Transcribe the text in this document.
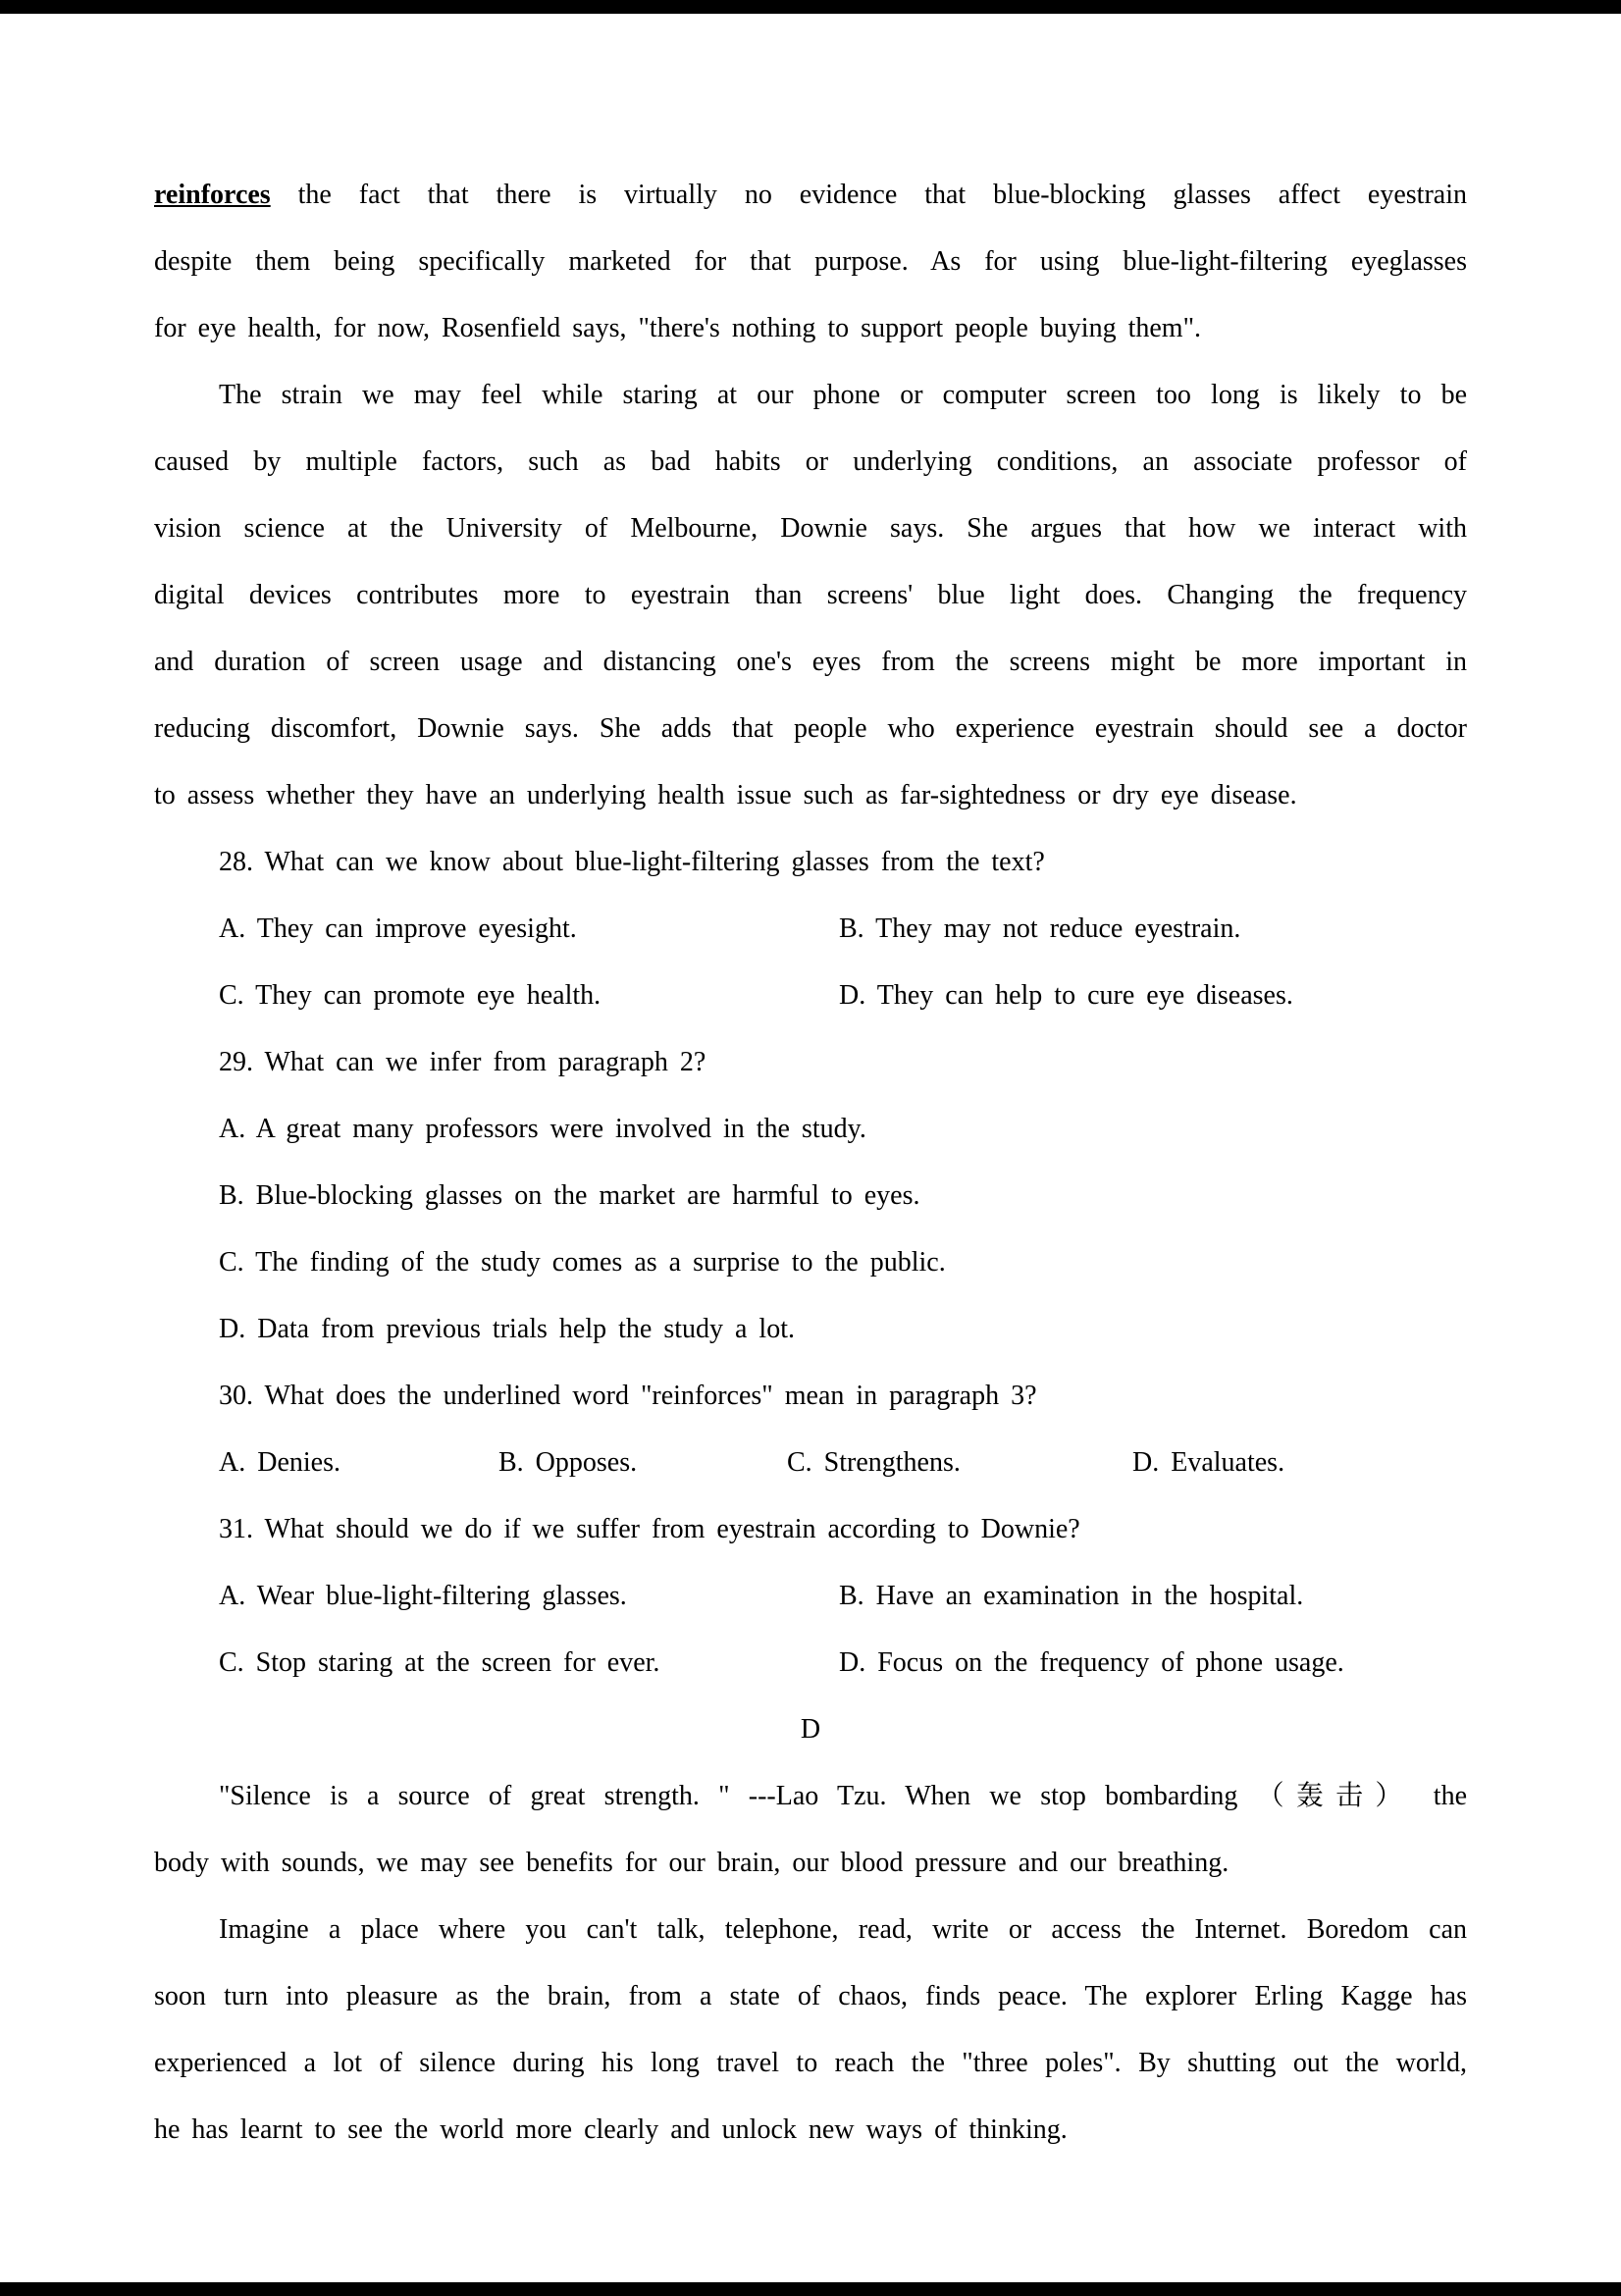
reinforces the fact that there is virtually no evidence that blue-blocking glasses affect eyestrain
despite them being specifically marketed for that purpose. As for using blue-light-filtering eyeglasses
for eye health, for now, Rosenfield says, "there's nothing to support people buying them".
The strain we may feel while staring at our phone or computer screen too long is likely to be
caused by multiple factors, such as bad habits or underlying conditions, an associate professor of
vision science at the University of Melbourne, Downie says. She argues that how we interact with
digital devices contributes more to eyestrain than screens' blue light does. Changing the frequency
and duration of screen usage and distancing one's eyes from the screens might be more important in
reducing discomfort, Downie says. She adds that people who experience eyestrain should see a doctor
to assess whether they have an underlying health issue such as far-sightedness or dry eye disease.
28. What can we know about blue-light-filtering glasses from the text?
A. They can improve eyesight.	B. They may not reduce eyestrain.
C. They can promote eye health.	D. They can help to cure eye diseases.
29. What can we infer from paragraph 2?
A. A great many professors were involved in the study.
B. Blue-blocking glasses on the market are harmful to eyes.
C. The finding of the study comes as a surprise to the public.
D. Data from previous trials help the study a lot.
30. What does the underlined word "reinforces" mean in paragraph 3?
A. Denies.	B. Opposes.	C. Strengthens.	D. Evaluates.
31. What should we do if we suffer from eyestrain according to Downie?
A. Wear blue-light-filtering glasses.	B. Have an examination in the hospital.
C. Stop staring at the screen for ever.	D. Focus on the frequency of phone usage.
D
"Silence is a source of great strength. " ---Lao Tzu. When we stop bombarding （轰击） the
body with sounds, we may see benefits for our brain, our blood pressure and our breathing.
Imagine a place where you can't talk, telephone, read, write or access the Internet. Boredom can
soon turn into pleasure as the brain, from a state of chaos, finds peace. The explorer Erling Kagge has
experienced a lot of silence during his long travel to reach the "three poles". By shutting out the world,
he has learnt to see the world more clearly and unlock new ways of thinking.
